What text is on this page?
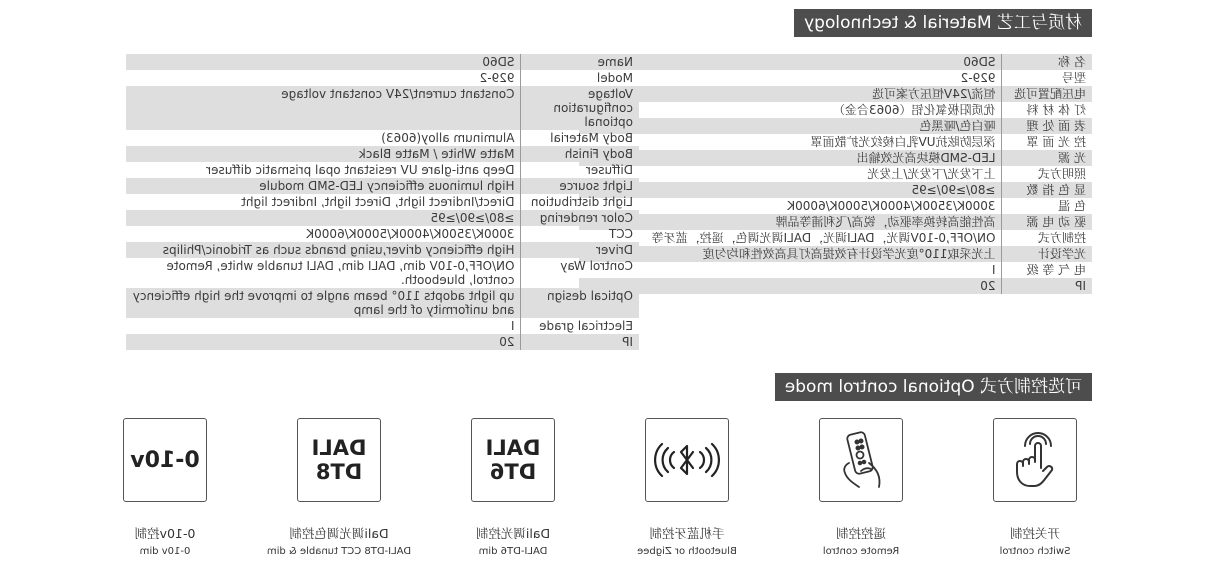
材质与工艺 Material & technology
名 称	SD60
型号	929-2
电压配置可选	恒流/24V恒压方案可选
灯 体 材 料	优质阳极氧化铝（6063合金）
表 面 处 理	哑白色/哑黑色
控 光 面 罩	深层防眩抗UV乳白棱纹光扩散面罩
光 源	LED-SMD模块高光效输出
照明方式	上下发光/下发光/上发光
显 色 指 数	≥80/≥90/≥95
色 温	3000K/3500K/4000K/5000K/6000K
驱 动 电 源	高性能高转换率驱动，锐高/飞利浦等品牌
控制方式	ON/OFF,0-10V调光，DALI调光，DALI调光调色，遥控，蓝牙等
光学设计	上光采取110°度光学设计有效提高灯具高效性和均匀度
电 气 等 级	I
IP	20
Name	SD60
Model	929-2
Voltage configuration optional	Constant current/24V constant voltage
Body Material	Aluminum alloy(6063)
Body Finish	Matte White / Matte Black
Diffuser	Deep anti-glare UV resistant opal prismatic diffuser
Light source	High luminous efficiency LED-SMD module
Light distribution	Direct/Indirect light, Direct light, Indirect light
Color rendering	≥80/≥90/≥95
CCT	3000K/3500K/4000K/5000K/6000K
Driver	High efficiency driver,using brands such as Tridonic/Philips
Control Way	ON/OFF,0-10V dim, DALI dim, DALI tunable white, Remote control, bluebooth.
Optical design	up light adopts 110° beam angle to improve the high efficiency and uniformity of the lamp
Electrical grade	I
IP	20
可选控制方式 Optional control mode
开关控制
Switch control
遥控控制
Remote control
手机蓝牙控制
Bluetooth or Zigbee
DALI
DT6
Dali调光控制
DALI-DT6 dim
DALI
DT8
Dali调光调色控制
DALI-DT8 CCT tunable & dim
0-10v
0-10v控制
0-10v dim
